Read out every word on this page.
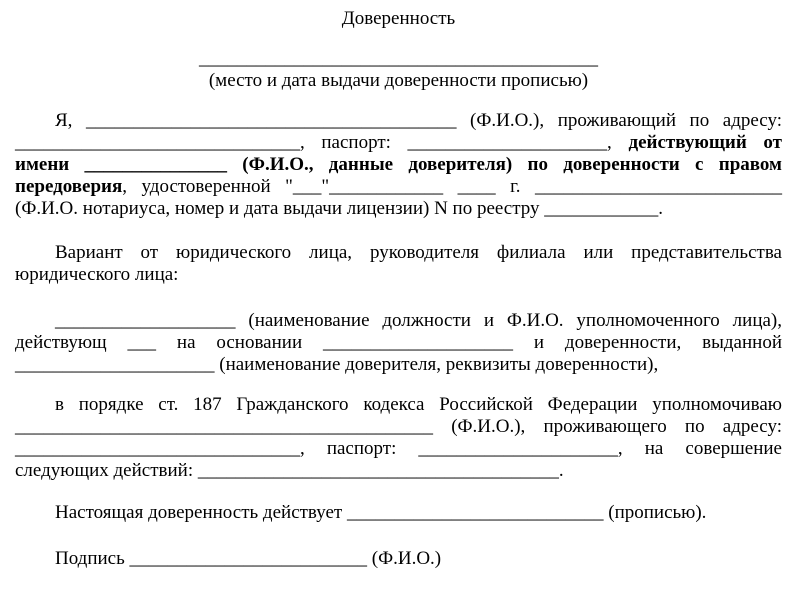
Доверенность
__________________________________________
(место и дата выдачи доверенности прописью)
Я, _______________________________________ (Ф.И.О.), проживающий по адресу:
______________________________, паспорт: _____________________, действующий от
имени _______________ (Ф.И.О., данные доверителя) по доверенности с правом
передоверия, удостоверенной "___"____________ ____ г. __________________________
(Ф.И.О. нотариуса, номер и дата выдачи лицензии) N по реестру ____________.
Вариант от юридического лица, руководителя филиала или представительства
юридического лица:
___________________ (наименование должности и Ф.И.О. уполномоченного лица),
действующ ___ на основании ____________________ и доверенности, выданной
_____________________ (наименование доверителя, реквизиты доверенности),
в порядке ст. 187 Гражданского кодекса Российской Федерации уполномочиваю
____________________________________________ (Ф.И.О.), проживающего по адресу:
______________________________, паспорт: _____________________, на совершение
следующих действий: ______________________________________.
Настоящая доверенность действует ___________________________ (прописью).
Подпись _________________________ (Ф.И.О.)
